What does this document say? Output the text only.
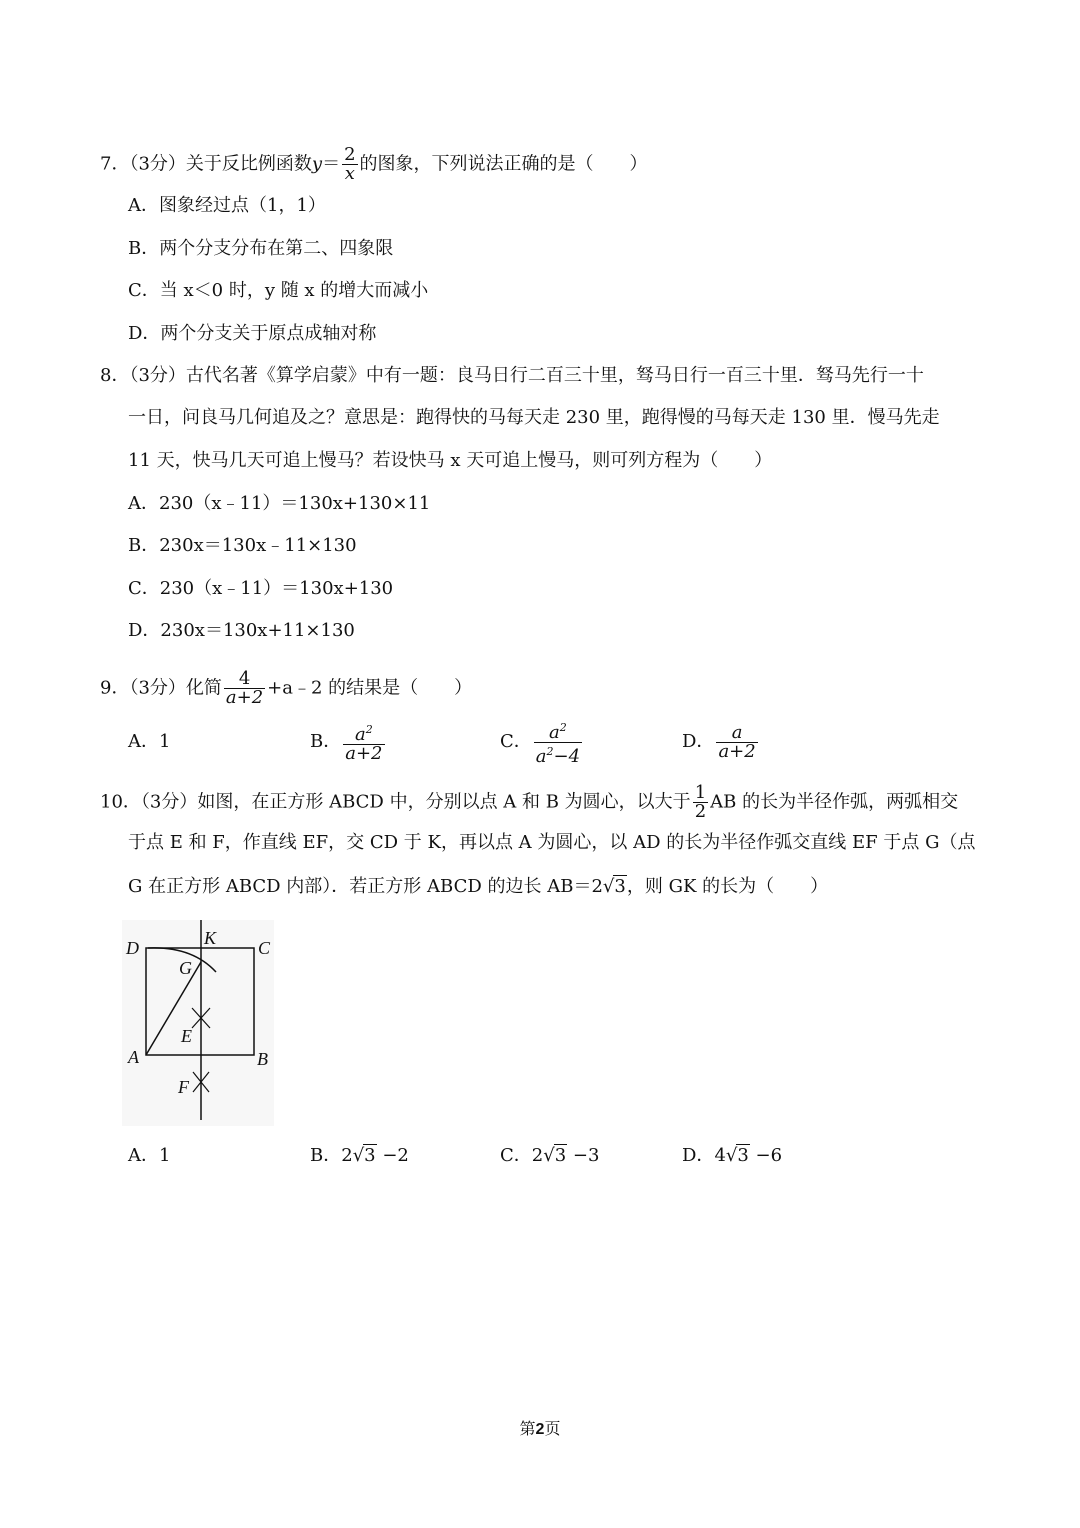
7．（3分）关于反比例函数$y= \frac{2}{x}$ 的图象，下列说法正确的是（　　）
A．图象经过点（1，1）
B．两个分支分布在第二、四象限
C．当 x＜0 时，y 随 x 的增大而减小
D．两个分支关于原点成轴对称
8．（3分）古代名著《算学启蒙》中有一题：良马日行二百三十里，驽马日行一百三十里．驽马先行一十
一日，问良马几何追及之？意思是：跑得快的马每天走 230 里，跑得慢的马每天走 130 里．慢马先走
11 天，快马几天可追上慢马？若设快马 x 天可追上慢马，则可列方程为（　　）
A．230（x﹣11）＝130x+130×11
B．230x＝130x﹣11×130
C．230（x﹣11）＝130x+130
D．230x＝130x+11×130
9．（3分）化简 $\frac{4}{a+2}$ +a﹣2 的结果是（　　）
A．1	B． $\frac{a^2}{a+2}$	C． $\frac{a^2}{a^2-4}$	D． $\frac{a}{a+2}$
10．（3分）如图，在正方形 ABCD 中，分别以点 A 和 B 为圆心，以大于 $\frac{1}{2}$ AB 的长为半径作弧，两弧相交
于点 E 和 F，作直线 EF，交 CD 于 K，再以点 A 为圆心，以 AD 的长为半径作弧交直线 EF 于点 G（点
G 在正方形 ABCD 内部）．若正方形 ABCD 的边长 AB＝2√3，则 GK 的长为（　　）
D	K C
G
E
A	B
F
A．1	B．2√3 −2	C．2√3 −3	D．4√3 −6
第2页
